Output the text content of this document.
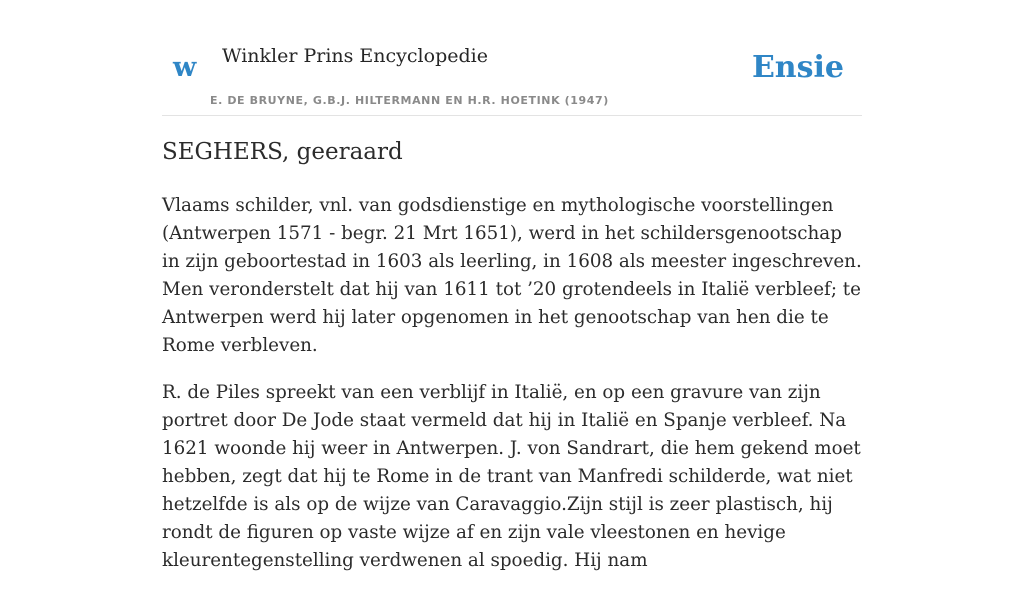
w Winkler Prins Encyclopedie
E. DE BRUYNE, G.B.J. HILTERMANN EN H.R. HOETINK (1947)
Ensie
SEGHERS, geeraard

Vlaams schilder, vnl. van godsdienstige en mythologische voorstellingen (Antwerpen 1571 - begr. 21 Mrt 1651), werd in het schildersgenootschap in zijn geboortestad in 1603 als leerling, in 1608 als meester ingeschreven. Men veronderstelt dat hij van 1611 tot ’20 grotendeels in Italië verbleef; te Antwerpen werd hij later opgenomen in het genootschap van hen die te Rome verbleven.

R. de Piles spreekt van een verblijf in Italië, en op een gravure van zijn portret door De Jode staat vermeld dat hij in Italië en Spanje verbleef. Na 1621 woonde hij weer in Antwerpen. J. von Sandrart, die hem gekend moet hebben, zegt dat hij te Rome in de trant van Manfredi schilderde, wat niet hetzelfde is als op de wijze van Caravaggio.Zijn stijl is zeer plastisch, hij rondt de figuren op vaste wijze af en zijn vale vleestonen en hevige kleurentegenstelling verdwenen al spoedig. Hij nam
